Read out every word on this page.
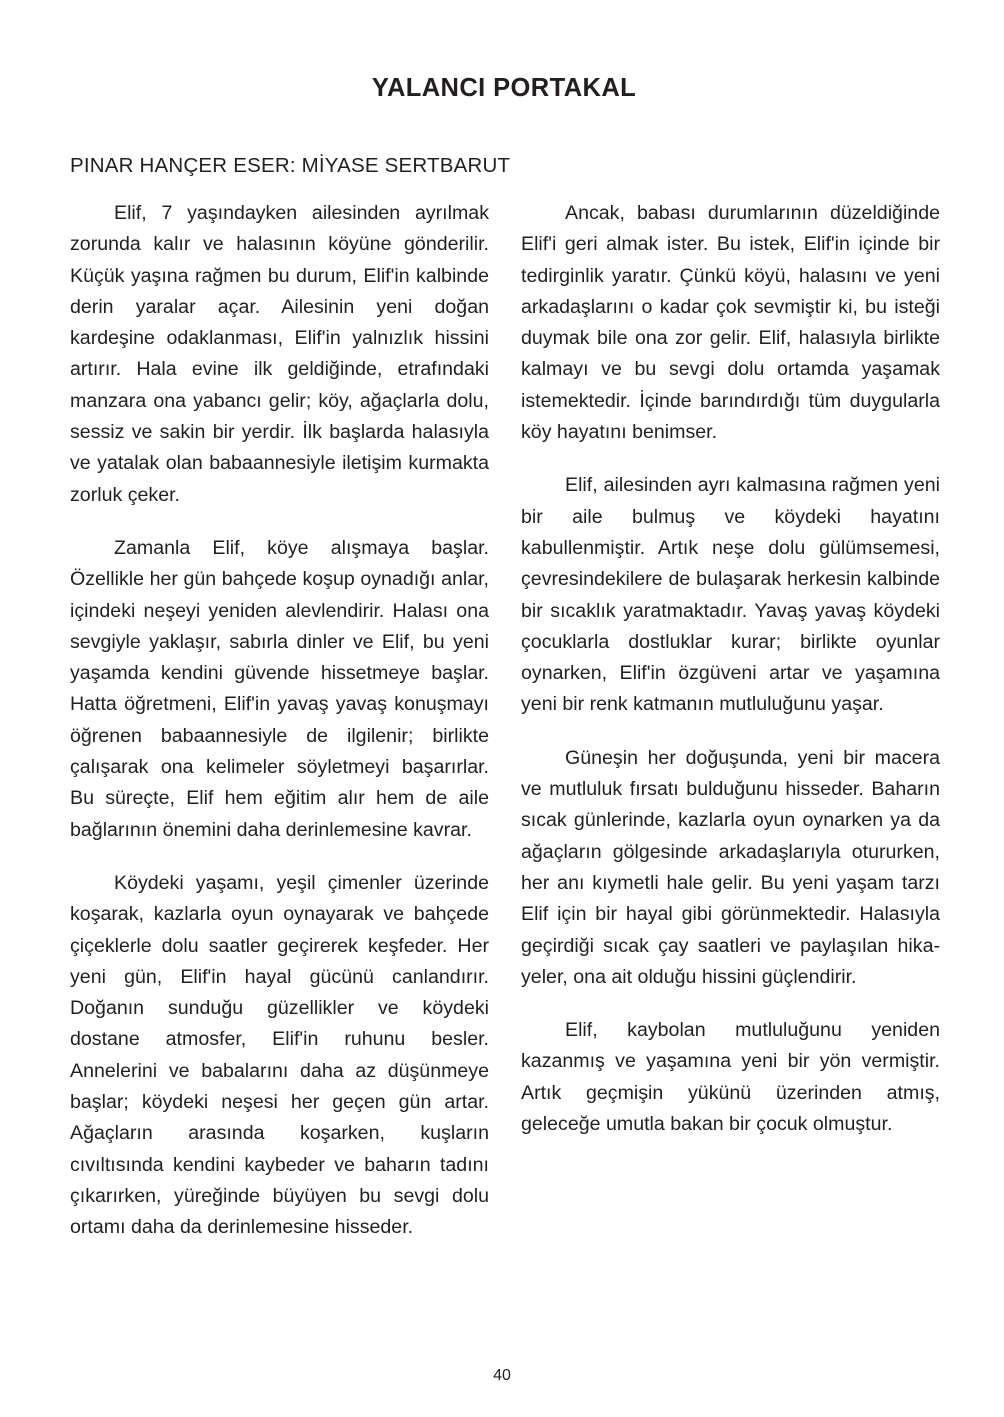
YALANCI PORTAKAL
PINAR HANÇER ESER: MİYASE SERTBARUT

Elif, 7 yaşındayken ailesinden ayrılmak zorunda kalır ve halasının köyüne gönderilir. Küçük yaşına rağmen bu durum, Elif'in kalbinde derin yaralar açar. Ailesinin yeni doğan kardeşine odaklanması, Elif'in yalnızlık hissini artırır. Hala evine ilk geldiğinde, etrafındaki manzara ona yabancı gelir; köy, ağaçlarla dolu, sessiz ve sakin bir yerdir. İlk başlarda halasıyla ve yatalak olan babaannesiyle iletişim kurmakta zorluk çeker.

Zamanla Elif, köye alışmaya başlar. Özellikle her gün bahçede koşup oynadığı anlar, içindeki neşeyi yeniden alevlendirir. Halası ona sevgiyle yaklaşır, sabırla dinler ve Elif, bu yeni yaşamda kendini güvende hissetmeye başlar. Hatta öğretmeni, Elif'in yavaş yavaş konuşmayı öğrenen babaannesiyle de ilgilenir; birlikte çalışarak ona kelimeler söyletmeyi başarırlar. Bu süreçte, Elif hem eğitim alır hem de aile bağlarının önemini daha derinlemesine kavrar.

Köydeki yaşamı, yeşil çimenler üzerinde koşarak, kazlarla oyun oynayarak ve bahçede çiçeklerle dolu saatler geçirerek keşfeder. Her yeni gün, Elif'in hayal gücünü canlandırır. Doğanın sunduğu güzellikler ve köydeki dostane atmosfer, Elif'in ruhunu besler. Annelerini ve babalarını daha az düşünmeye başlar; köydeki neşesi her geçen gün artar. Ağaçların arasında koşarken, kuşların cıvıltısında kendini kaybeder ve baharın tadını çıkarırken, yüreğinde büyüyen bu sevgi dolu ortamı daha da derinlemesine hisseder.

Ancak, babası durumlarının düzeldiğinde Elif'i geri almak ister. Bu istek, Elif'in içinde bir tedirginlik yaratır. Çünkü köyü, halasını ve yeni arkadaşlarını o kadar çok sevmiştir ki, bu isteği duymak bile ona zor gelir. Elif, halasıyla birlikte kalmayı ve bu sevgi dolu ortamda yaşamak istemektedir. İçinde barındırdığı tüm duygularla köy hayatını benimser.

Elif, ailesinden ayrı kalmasına rağmen yeni bir aile bulmuş ve köydeki hayatını kabullenmiştir. Artık neşe dolu gülümsemesi, çevresindekilere de bulaşarak herkesin kalbinde bir sıcaklık yaratmaktadır. Yavaş yavaş köydeki çocuklarla dostluklar kurar; birlikte oyunlar oynarken, Elif'in özgüveni artar ve yaşamına yeni bir renk katmanın mutluluğunu yaşar.

Güneşin her doğuşunda, yeni bir macera ve mutluluk fırsatı bulduğunu hisseder. Baharın sıcak günlerinde, kazlarla oyun oynarken ya da ağaçların gölgesinde arkadaşlarıyla otururken, her anı kıymetli hale gelir. Bu yeni yaşam tarzı Elif için bir hayal gibi görünmektedir. Halasıyla geçirdiği sıcak çay saatleri ve paylaşılan hikayeler, ona ait olduğu hissini güçlendirir.

Elif, kaybolan mutluluğunu yeniden kazanmış ve yaşamına yeni bir yön vermiştir. Artık geçmişin yükünü üzerinden atmış, geleceğe umutla bakan bir çocuk olmuştur.

40
